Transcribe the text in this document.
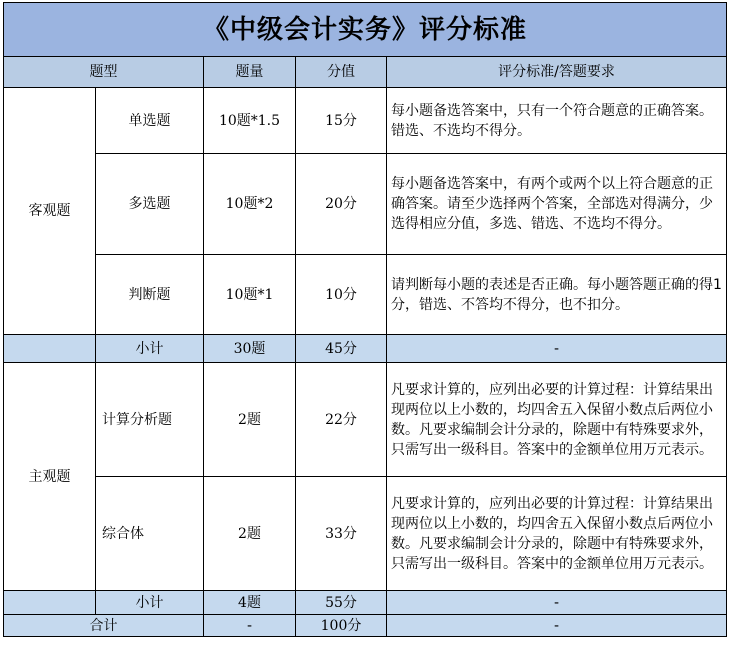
《中级会计实务》评分标准				
题型		题量	分值	评分标准/答题要求
客观题	单选题	10题*1.5	15分	每小题备选答案中，只有一个符合题意的正确答案。错选、不选均不得分。
	多选题	10题*2	20分	每小题备选答案中，有两个或两个以上符合题意的正确答案。请至少选择两个答案，全部选对得满分，少选得相应分值，多选、错选、不选均不得分。
	判断题	10题*1	10分	请判断每小题的表述是否正确。每小题答题正确的得1分，错选、不答均不得分，也不扣分。
	小计	30题	45分	-
主观题	计算分析题	2题	22分	凡要求计算的，应列出必要的计算过程：计算结果出现两位以上小数的，均四舍五入保留小数点后两位小数。凡要求编制会计分录的，除题中有特殊要求外，只需写出一级科目。答案中的金额单位用万元表示。
	综合体	2题	33分	凡要求计算的，应列出必要的计算过程：计算结果出现两位以上小数的，均四舍五入保留小数点后两位小数。凡要求编制会计分录的，除题中有特殊要求外，只需写出一级科目。答案中的金额单位用万元表示。
	小计	4题	55分	-
合计		-	100分	-
